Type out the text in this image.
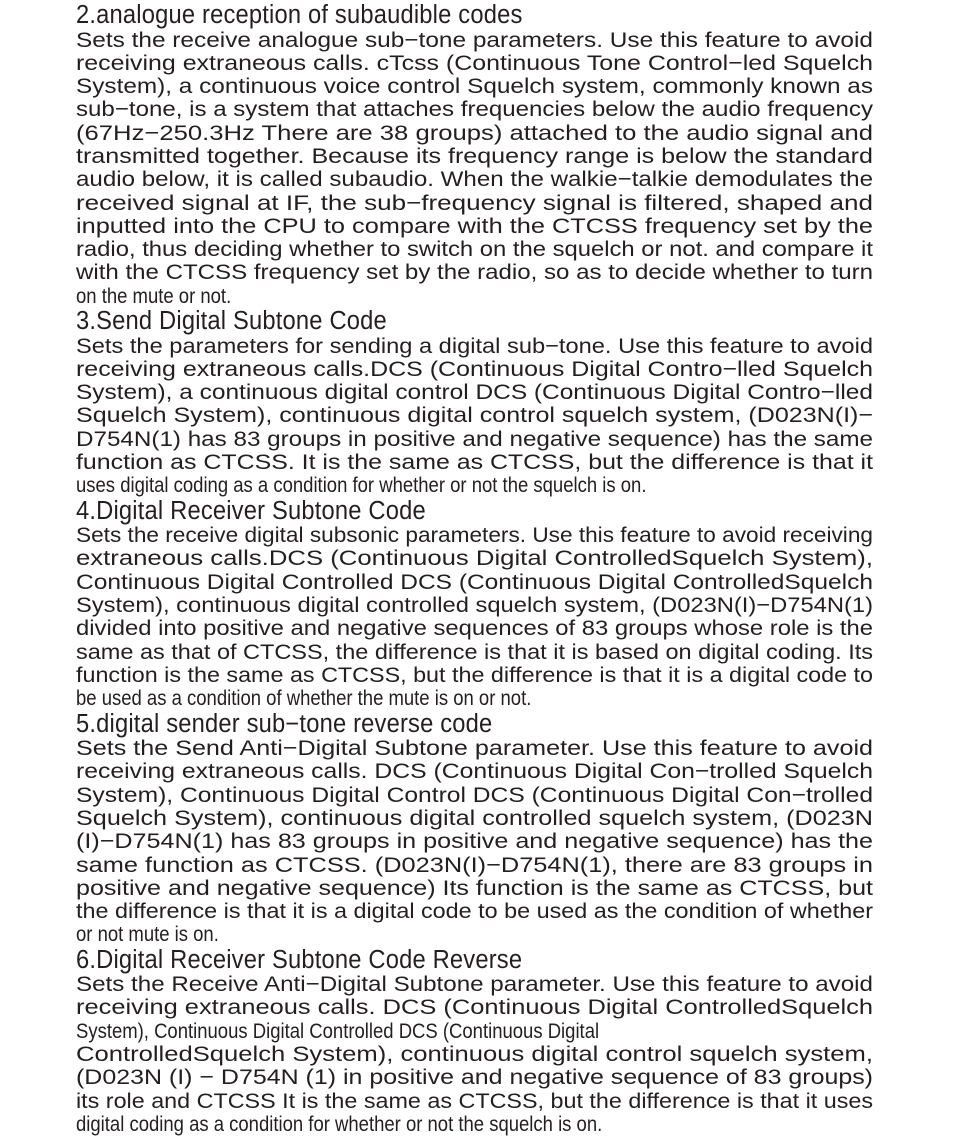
2.analogue reception of subaudible codes
Sets the receive analogue sub−tone parameters. Use this feature to avoid
receiving extraneous calls. cTcss (Continuous Tone Control−led Squelch
System), a continuous voice control Squelch system, commonly known as
sub−tone, is a system that attaches frequencies below the audio frequency
(67Hz−250.3Hz There are 38 groups) attached to the audio signal and
transmitted together. Because its frequency range is below the standard
audio below, it is called subaudio. When the walkie−talkie demodulates the
received signal at IF, the sub−frequency signal is filtered, shaped and
inputted into the CPU to compare with the CTCSS frequency set by the
radio, thus deciding whether to switch on the squelch or not. and compare it
with the CTCSS frequency set by the radio, so as to decide whether to turn
on the mute or not.
3.Send Digital Subtone Code
Sets the parameters for sending a digital sub−tone. Use this feature to avoid
receiving extraneous calls.DCS (Continuous Digital Contro−lled Squelch
System), a continuous digital control DCS (Continuous Digital Contro−lled
Squelch System), continuous digital control squelch system, (D023N(I)−
D754N(1) has 83 groups in positive and negative sequence) has the same
function as CTCSS. It is the same as CTCSS, but the difference is that it
uses digital coding as a condition for whether or not the squelch is on.
4.Digital Receiver Subtone Code
Sets the receive digital subsonic parameters. Use this feature to avoid receiving
extraneous calls.DCS (Continuous Digital ControlledSquelch System),
Continuous Digital Controlled DCS (Continuous Digital ControlledSquelch
System), continuous digital controlled squelch system, (D023N(I)−D754N(1)
divided into positive and negative sequences of 83 groups whose role is the
same as that of CTCSS, the difference is that it is based on digital coding. Its
function is the same as CTCSS, but the difference is that it is a digital code to
be used as a condition of whether the mute is on or not.
5.digital sender sub−tone reverse code
Sets the Send Anti−Digital Subtone parameter. Use this feature to avoid
receiving extraneous calls. DCS (Continuous Digital Con−trolled Squelch
System), Continuous Digital Control DCS (Continuous Digital Con−trolled
Squelch System), continuous digital controlled squelch system, (D023N
(I)−D754N(1) has 83 groups in positive and negative sequence) has the
same function as CTCSS. (D023N(I)−D754N(1), there are 83 groups in
positive and negative sequence) Its function is the same as CTCSS, but
the difference is that it is a digital code to be used as the condition of whether
or not mute is on.
6.Digital Receiver Subtone Code Reverse
Sets the Receive Anti−Digital Subtone parameter. Use this feature to avoid
receiving extraneous calls. DCS (Continuous Digital ControlledSquelch
System), Continuous Digital Controlled DCS (Continuous Digital
ControlledSquelch System), continuous digital control squelch system,
(D023N (I) − D754N (1) in positive and negative sequence of 83 groups)
its role and CTCSS It is the same as CTCSS, but the difference is that it uses
digital coding as a condition for whether or not the squelch is on.
